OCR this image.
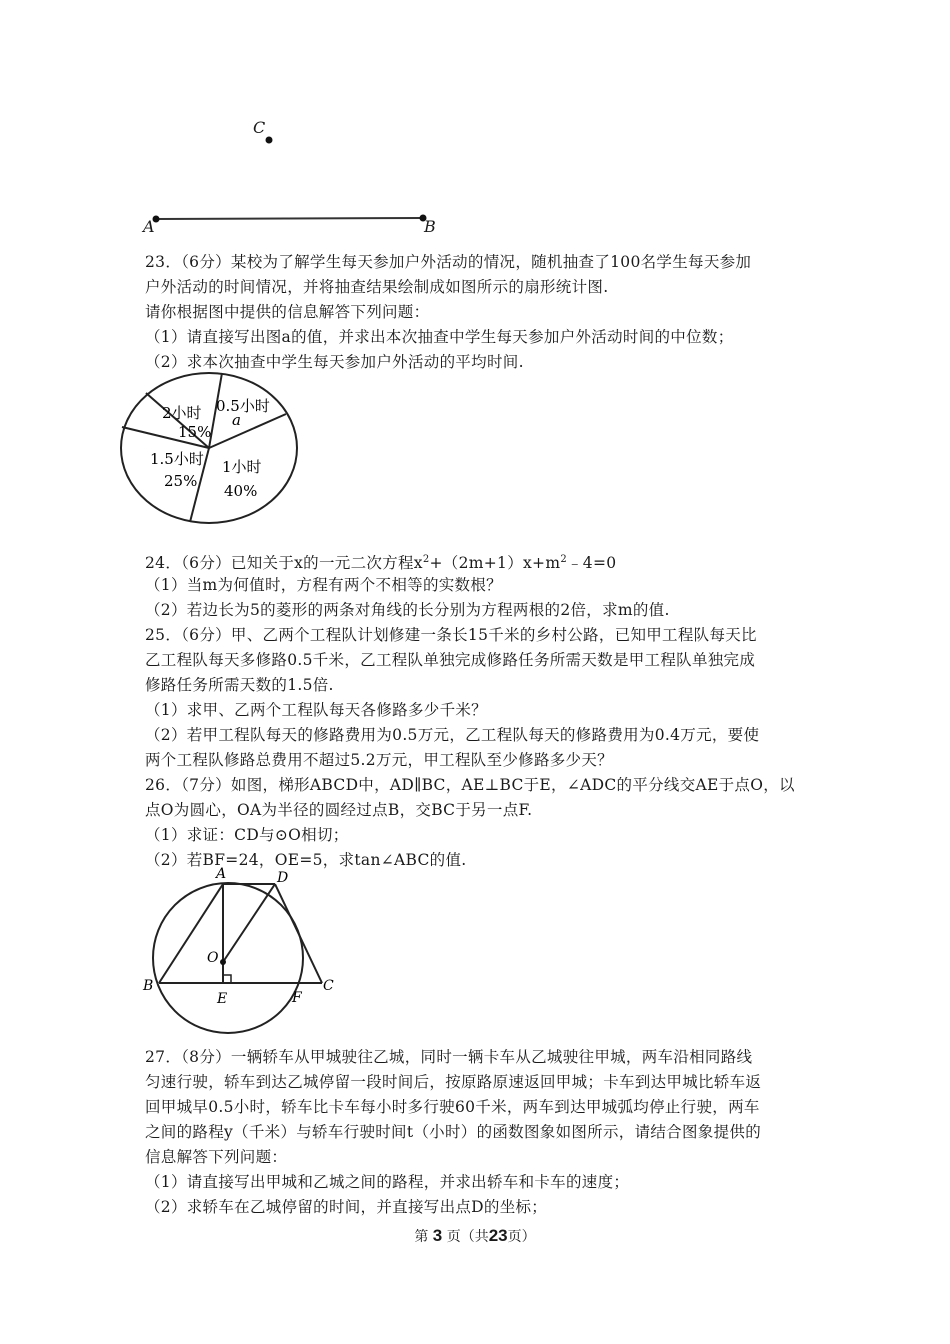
C
A	B
23．（6分）某校为了解学生每天参加户外活动的情况，随机抽查了100名学生每天参加
户外活动的时间情况，并将抽查结果绘制成如图所示的扇形统计图.
请你根据图中提供的信息解答下列问题：
（1）请直接写出图a的值，并求出本次抽查中学生每天参加户外活动时间的中位数；
（2）求本次抽查中学生每天参加户外活动的平均时间.
0.5小时
a
1小时
40%
1.5小时
25%
2小时
15%
24．（6分）已知关于x的一元二次方程$x^2+(2m+1)x+m^2﹣4=0$
（1）当m为何值时，方程有两个不相等的实数根？
（2）若边长为5的菱形的两条对角线的长分别为方程两根的2倍，求m的值.
25．（6分）甲、乙两个工程队计划修建一条长15千米的乡村公路，已知甲工程队每天比
乙工程队每天多修路0.5千米，乙工程队单独完成修路任务所需天数是甲工程队单独完成
修路任务所需天数的1.5倍.
（1）求甲、乙两个工程队每天各修路多少千米？
（2）若甲工程队每天的修路费用为0.5万元，乙工程队每天的修路费用为0.4万元，要使
两个工程队修路总费用不超过5.2万元，甲工程队至少修路多少天？
26．（7分）如图，梯形ABCD中，AD∥BC，AE⊥BC于E，∠ADC的平分线交AE于点O，以
点O为圆心，OA为半径的圆经过点B，交BC于另一点F.
（1）求证：CD与⊙O相切；
（2）若BF=24，OE=5，求tan∠ABC的值.
A	D
O
B
E	F
C
27．（8分）一辆轿车从甲城驶往乙城，同时一辆卡车从乙城驶往甲城，两车沿相同路线
匀速行驶，轿车到达乙城停留一段时间后，按原路原速返回甲城；卡车到达甲城比轿车返
回甲城早0.5小时，轿车比卡车每小时多行驶60千米，两车到达甲城弧均停止行驶，两车
之间的路程y（千米）与轿车行驶时间t（小时）的函数图象如图所示，请结合图象提供的
信息解答下列问题：
（1）请直接写出甲城和乙城之间的路程，并求出轿车和卡车的速度；
（2）求轿车在乙城停留的时间，并直接写出点D的坐标；
第 3 页（共23页）
